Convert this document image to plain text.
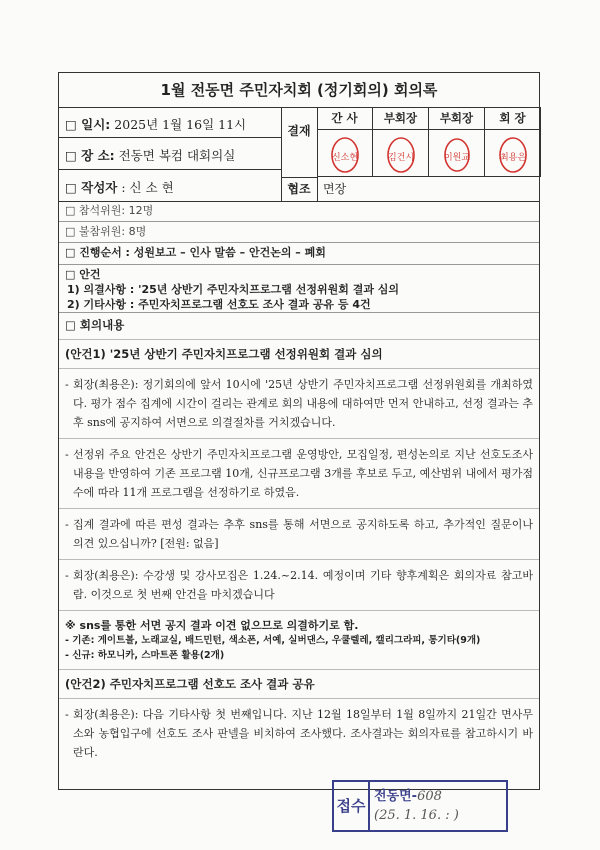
1월 전동면 주민자치회 (정기회의) 회의록
□ 일시: 2025년 1월 16일 11시
□ 장 소: 전동면 복컴 대회의실
□ 작성자 : 신 소 현
결재
간 사
신소현
부회장
김건시
부회장
이원교
회 장
최용은
협조	면장
□ 참석위원: 12명
□ 불참위원: 8명
□ 진행순서 : 성원보고 – 인사 말씀 – 안건논의 – 폐회
□ 안건
1) 의결사항 : '25년 상반기 주민자치프로그램 선정위원회 결과 심의
2) 기타사항 : 주민자치프로그램 선호도 조사 결과 공유 등 4건
□ 회의내용
(안건1) '25년 상반기 주민자치프로그램 선정위원회 결과 심의
- 회장(최용은): 정기회의에 앞서 10시에 '25년 상반기 주민자치프로그램 선정위원회를 개최하였다. 평가 점수 집계에 시간이 걸리는 관계로 회의 내용에 대하여만 먼저 안내하고, 선정 결과는 추후 sns에 공지하여 서면으로 의결절차를 거치겠습니다.
- 선정위 주요 안건은 상반기 주민자치프로그램 운영방안, 모집일정, 편성논의로 지난 선호도조사 내용을 반영하여 기존 프로그램 10개, 신규프로그램 3개를 후보로 두고, 예산범위 내에서 평가점수에 따라 11개 프로그램을 선정하기로 하였음.
- 집계 결과에 따른 편성 결과는 추후 sns를 통해 서면으로 공지하도록 하고, 추가적인 질문이나 의견 있으십니까? [전원: 없음]
- 회장(최용은): 수강생 및 강사모집은 1.24.~2.14. 예정이며 기타 향후계획은 회의자료 참고바람. 이것으로 첫 번째 안건을 마치겠습니다
※ sns를 통한 서면 공지 결과 이견 없으므로 의결하기로 함.
- 기존: 게이트볼, 노래교실, 배드민턴, 색소폰, 서예, 실버댄스, 우쿨렐레, 캘리그라피, 통기타(9개)
- 신규: 하모니카, 스마트폰 활용(2개)
(안건2) 주민자치프로그램 선호도 조사 결과 공유
- 회장(최용은): 다음 기타사항 첫 번째입니다. 지난 12월 18일부터 1월 8일까지 21일간 면사무소와 농협입구에 선호도 조사 판넬을 비치하여 조사했다. 조사결과는 회의자료를 참고하시기 바란다.
접수
전동면-608
(25. 1. 16. : )
